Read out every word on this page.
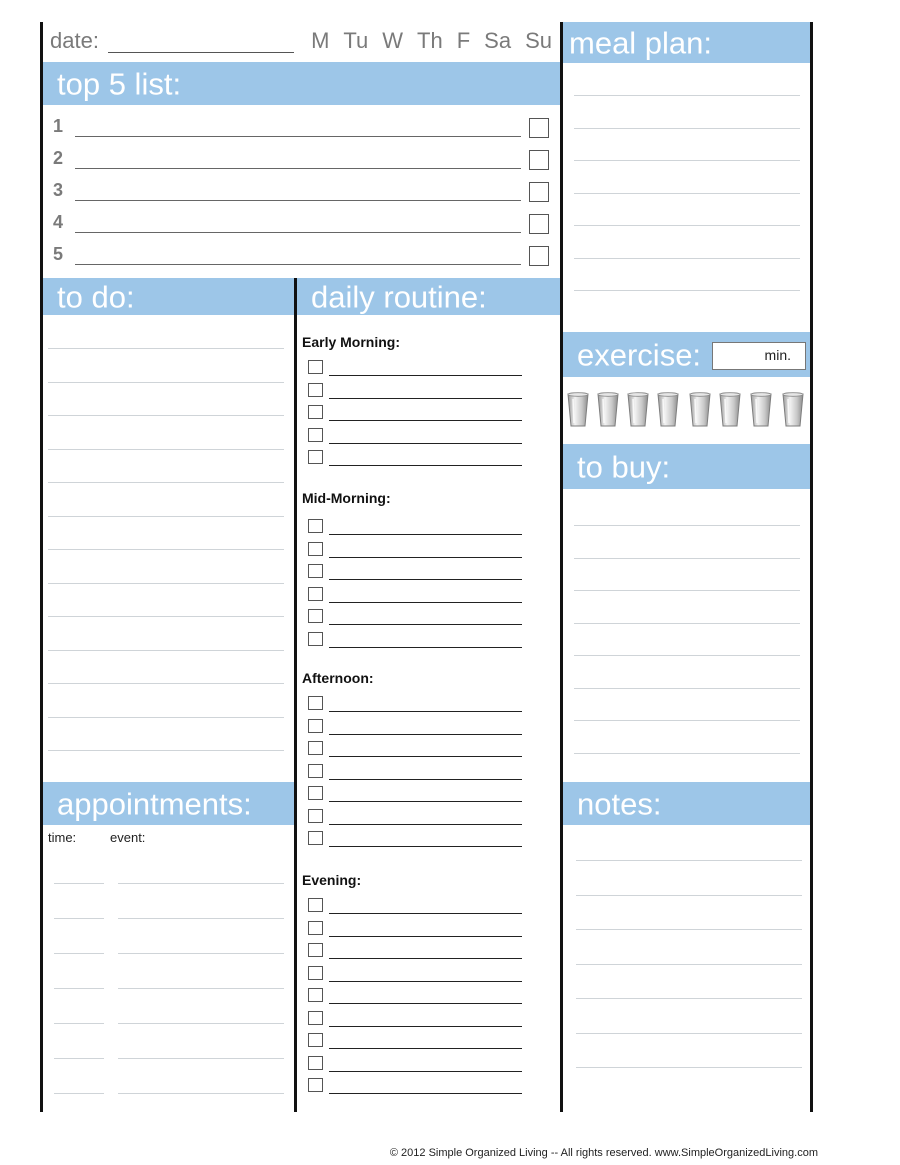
date:	M Tu W Th F Sa Su
top 5 list:
meal plan:
to do:	daily routine:
exercise:
to buy:
appointments:	notes:
min.
1
2
3
4
5
Early Morning:
Mid-Morning:
Afternoon:
Evening:
time:	event:
© 2012 Simple Organized Living -- All rights reserved. www.SimpleOrganizedLiving.com
